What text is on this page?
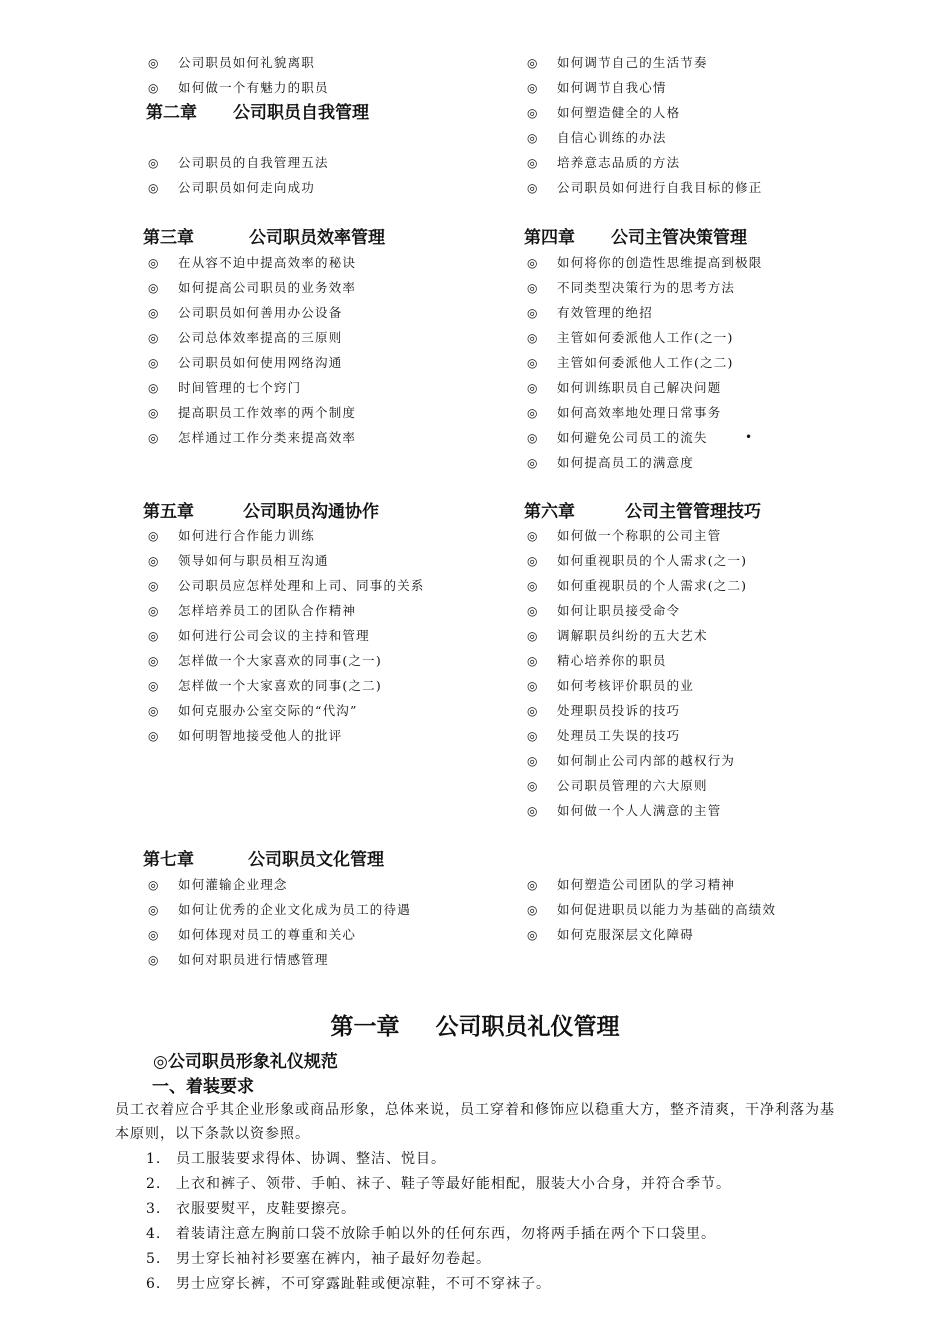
◎ 公司职员如何礼貌离职
◎ 如何做一个有魅力的职员
第二章 公司职员自我管理
◎ 公司职员的自我管理五法
◎ 公司职员如何走向成功
◎ 如何调节自己的生活节奏
◎ 如何调节自我心情
◎ 如何塑造健全的人格
◎ 自信心训练的办法
◎ 培养意志品质的方法
◎ 公司职员如何进行自我目标的修正
第三章	公司职员效率管理
◎ 在从容不迫中提高效率的秘诀
◎ 如何提高公司职员的业务效率
◎ 公司职员如何善用办公设备
◎ 公司总体效率提高的三原则
◎ 公司职员如何使用网络沟通
◎ 时间管理的七个窍门
◎ 提高职员工作效率的两个制度
◎ 怎样通过工作分类来提高效率
第四章 公司主管决策管理
◎ 如何将你的创造性思维提高到极限
◎ 不同类型决策行为的思考方法
◎ 有效管理的绝招
◎ 主管如何委派他人工作(之一)
◎ 主管如何委派他人工作(之二)
◎ 如何训练职员自己解决问题
◎ 如何高效率地处理日常事务
◎ 如何避免公司员工的流失
◎ 如何提高员工的满意度
•
第五章	公司职员沟通协作
◎ 如何进行合作能力训练
◎ 领导如何与职员相互沟通
◎ 公司职员应怎样处理和上司、同事的关系
◎ 怎样培养员工的团队合作精神
◎ 如何进行公司会议的主持和管理
◎ 怎样做一个大家喜欢的同事(之一)
◎ 怎样做一个大家喜欢的同事(之二)
◎ 如何克服办公室交际的“代沟”
◎ 如何明智地接受他人的批评
第六章	公司主管管理技巧
◎ 如何做一个称职的公司主管
◎ 如何重视职员的个人需求(之一)
◎ 如何重视职员的个人需求(之二)
◎ 如何让职员接受命令
◎ 调解职员纠纷的五大艺术
◎ 精心培养你的职员
◎ 如何考核评价职员的业
◎ 处理职员投诉的技巧
◎ 处理员工失误的技巧
◎ 如何制止公司内部的越权行为
◎ 公司职员管理的六大原则
◎ 如何做一个人人满意的主管
第七章	公司职员文化管理
◎ 如何灌输企业理念
◎ 如何让优秀的企业文化成为员工的待遇
◎ 如何体现对员工的尊重和关心
◎ 如何对职员进行情感管理
◎ 如何塑造公司团队的学习精神
◎ 如何促进职员以能力为基础的高绩效
◎ 如何克服深层文化障碍
第一章 公司职员礼仪管理
◎公司职员形象礼仪规范
一、着装要求
员工衣着应合乎其企业形象或商品形象，总体来说，员工穿着和修饰应以稳重大方，整齐清爽，干净利落为基本原则，以下条款以资参照。
1. 员工服装要求得体、协调、整洁、悦目。
2. 上衣和裤子、领带、手帕、袜子、鞋子等最好能相配，服装大小合身，并符合季节。
3. 衣服要熨平，皮鞋要擦亮。
4. 着装请注意左胸前口袋不放除手帕以外的任何东西，勿将两手插在两个下口袋里。
5. 男士穿长袖衬衫要塞在裤内，袖子最好勿卷起。
6. 男士应穿长裤，不可穿露趾鞋或便凉鞋，不可不穿袜子。
